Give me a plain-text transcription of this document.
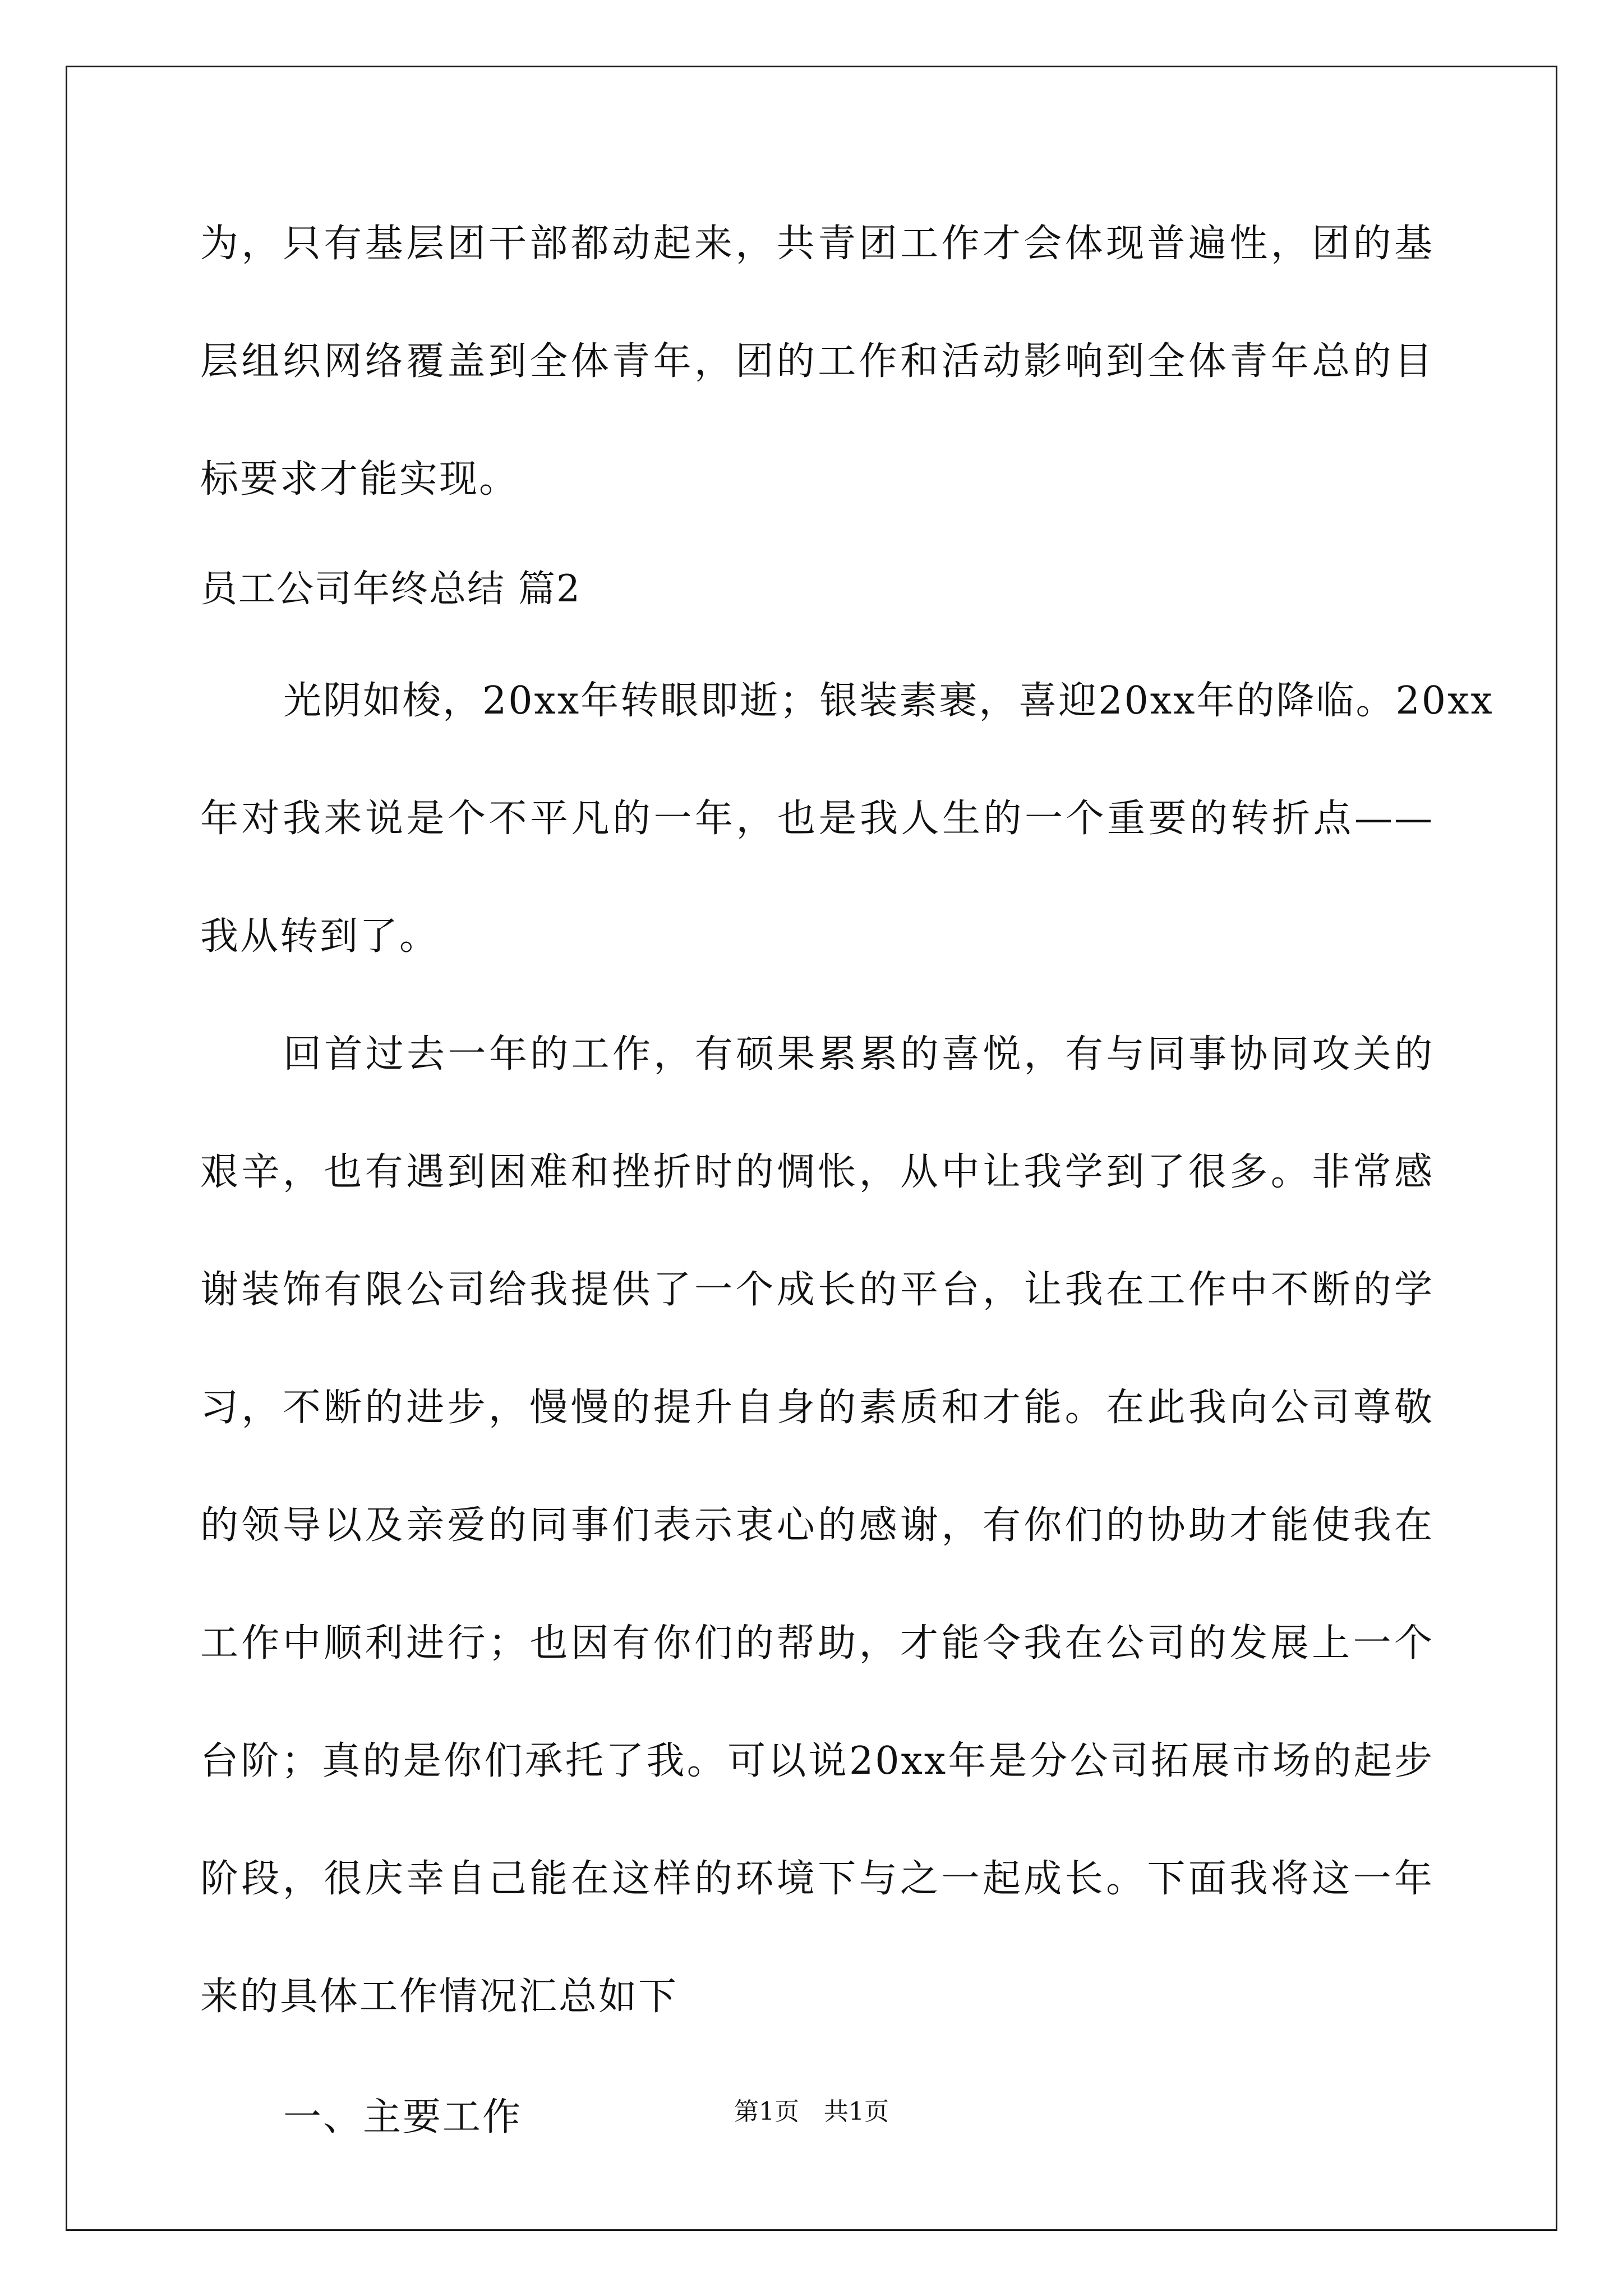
为，只有基层团干部都动起来，共青团工作才会体现普遍性，团的基
层组织网络覆盖到全体青年，团的工作和活动影响到全体青年总的目
标要求才能实现。
员工公司年终总结 篇2
光阴如梭，20xx年转眼即逝；银装素裹，喜迎20xx年的降临。20xx
年对我来说是个不平凡的一年，也是我人生的一个重要的转折点——
我从转到了。
回首过去一年的工作，有硕果累累的喜悦，有与同事协同攻关的
艰辛，也有遇到困难和挫折时的惆怅，从中让我学到了很多。非常感
谢装饰有限公司给我提供了一个成长的平台，让我在工作中不断的学
习，不断的进步，慢慢的提升自身的素质和才能。在此我向公司尊敬
的领导以及亲爱的同事们表示衷心的感谢，有你们的协助才能使我在
工作中顺利进行；也因有你们的帮助，才能令我在公司的发展上一个
台阶；真的是你们承托了我。可以说20xx年是分公司拓展市场的起步
阶段，很庆幸自己能在这样的环境下与之一起成长。下面我将这一年
来的具体工作情况汇总如下
一、主要工作	第1页 共1页
